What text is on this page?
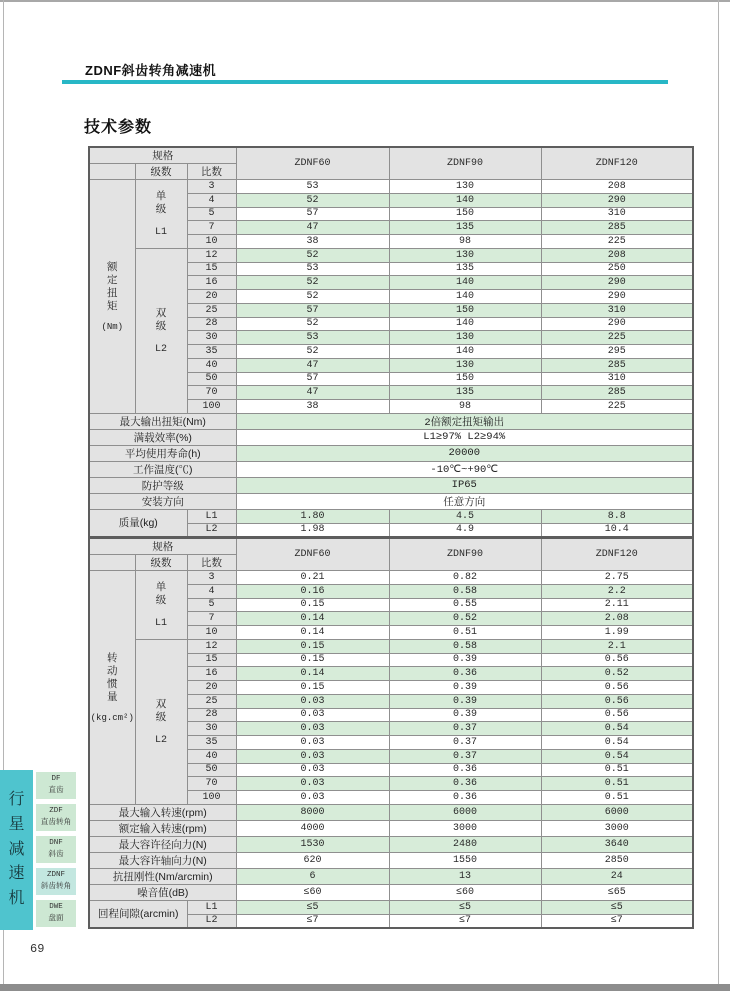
ZDNF斜齿转角减速机
技术参数
规格			ZDNF60	ZDNF90	ZDNF120
	级数	比数			

额
定
扭
矩
(Nm)

单
级
L1
	3	53	130	208
		4	52	140	290
		5	57	150	310
		7	47	135	285
		10	38	98	225

	双
级
L2	12	52	130	208
		15	53	135	250
		16	52	140	290
		20	52	140	290
		25	57	150	310
		28	52	140	290
		30	53	130	225
		35	52	140	295
		40	47	130	285
		50	57	150	310
		70	47	135	285
		100	38	98	225
最大输出扭矩(Nm)			2倍额定扭矩输出		
满载效率(%)			L1≥97% L2≥94%		
平均使用寿命(h)			20000		
工作温度(℃)			-10℃~+90℃		
防护等级			IP65		
安装方向			任意方向		
质量(kg)		L1	1.80	4.5	8.8
		L2	1.98	4.9	10.4
规格			ZDNF60	ZDNF90	ZDNF120
	级数	比数			

转
动
惯
量
(kg.cm²)

单
级
L1
	3	0.21	0.82	2.75
		4	0.16	0.58	2.2
		5	0.15	0.55	2.11
		7	0.14	0.52	2.08
		10	0.14	0.51	1.99

	双
级
L2	12	0.15	0.58	2.1
		15	0.15	0.39	0.56
		16	0.14	0.36	0.52
		20	0.15	0.39	0.56
		25	0.03	0.39	0.56
		28	0.03	0.39	0.56
		30	0.03	0.37	0.54
		35	0.03	0.37	0.54
		40	0.03	0.37	0.54
		50	0.03	0.36	0.51
		70	0.03	0.36	0.51
		100	0.03	0.36	0.51
最大输入转速(rpm)			8000	6000	6000
额定输入转速(rpm)			4000	3000	3000
最大容许径向力(N)			1530	2480	3640
最大容许轴向力(N)			620	1550	2850
抗扭刚性(Nm/arcmin)			6	13	24
噪音值(dB)			≤60	≤60	≤65
回程间隙(arcmin)		L1	≤5	≤5	≤5
		L2	≤7	≤7	≤7
行
星
减
速
机
DF
直齿
ZDF
直齿转角
DNF
斜齿
ZDNF
斜齿转角
DWE
盘面
69
